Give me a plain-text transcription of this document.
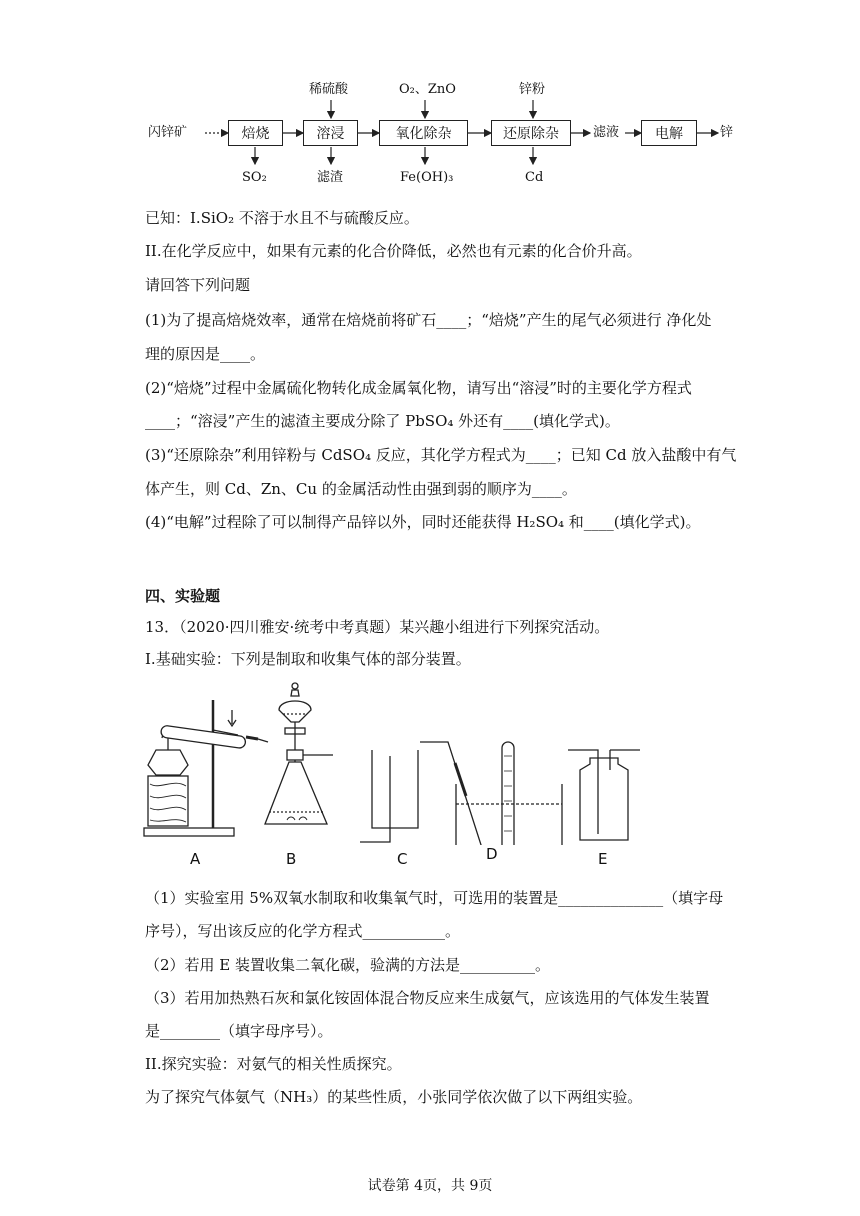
闪锌矿	焙烧	溶浸	氧化除杂	还原除杂	滤液	电解	锌
稀硫酸	O₂、ZnO	锌粉
SO₂	滤渣	Fe(OH)₃	Cd
已知：I.SiO₂ 不溶于水且不与硫酸反应。
II.在化学反应中，如果有元素的化合价降低，必然也有元素的化合价升高。
请回答下列问题
(1)为了提高焙烧效率，通常在焙烧前将矿石____；“焙烧”产生的尾气必须进行 净化处
理的原因是____。
(2)“焙烧”过程中金属硫化物转化成金属氧化物，请写出“溶浸”时的主要化学方程式
____；“溶浸”产生的滤渣主要成分除了 PbSO₄ 外还有____(填化学式)。
(3)“还原除杂”利用锌粉与 CdSO₄ 反应，其化学方程式为____；已知 Cd 放入盐酸中有气
体产生，则 Cd、Zn、Cu 的金属活动性由强到弱的顺序为____。
(4)“电解”过程除了可以制得产品锌以外，同时还能获得 H₂SO₄ 和____(填化学式)。
四、实验题
13．（2020·四川雅安·统考中考真题）某兴趣小组进行下列探究活动。
I.基础实验：下列是制取和收集气体的部分装置。
A	B	C	D	E
（1）实验室用 5%双氧水制取和收集氧气时，可选用的装置是______________（填字母
序号），写出该反应的化学方程式___________。
（2）若用 E 装置收集二氧化碳，验满的方法是__________。
（3）若用加热熟石灰和氯化铵固体混合物反应来生成氨气，应该选用的气体发生装置
是________（填字母序号）。
II.探究实验：对氨气的相关性质探究。
为了探究气体氨气（NH₃）的某些性质，小张同学依次做了以下两组实验。
试卷第 4页，共 9页
